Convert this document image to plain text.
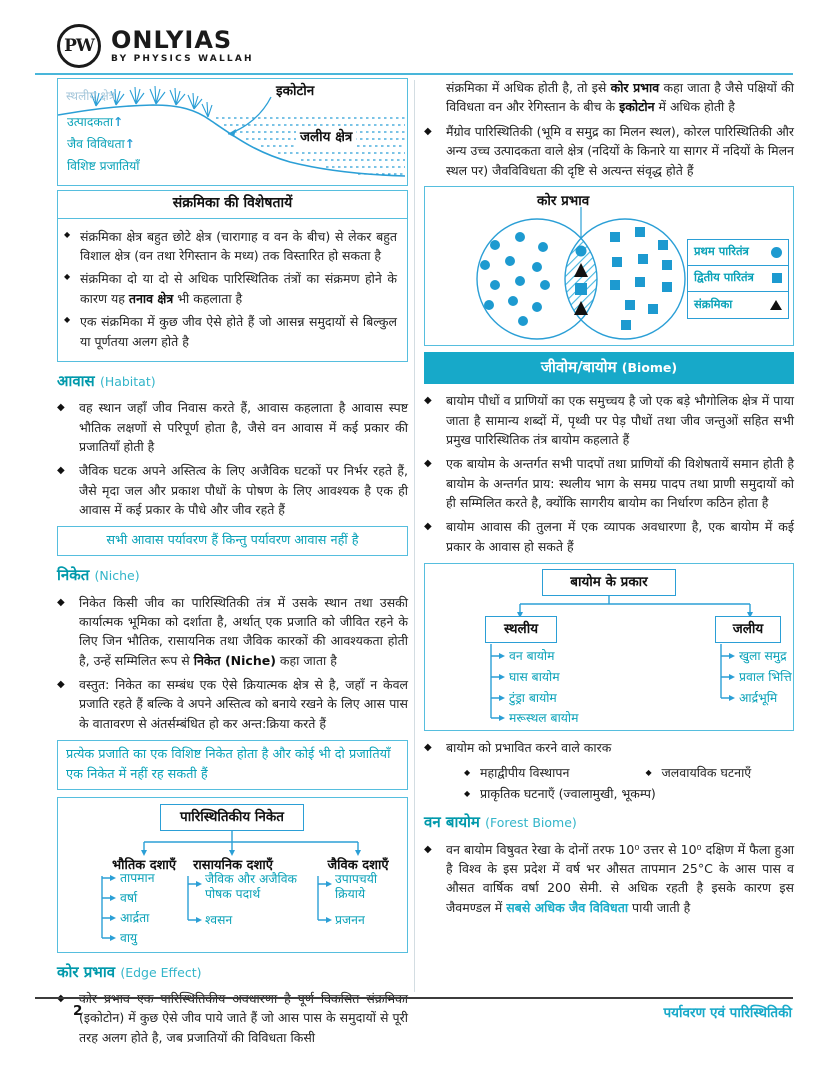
PW ONLYIAS
BY PHYSICS WALLAH
स्थलीय क्षेत्र	इकोटोन
जलीय क्षेत्र
उत्पादकता↑
जैव विविधता↑
विशिष्ट प्रजातियाँ
संक्रमिका की विशेषतायें
◆ संक्रमिका क्षेत्र बहुत छोटे क्षेत्र (चारागाह व वन के बीच) से लेकर बहुत विशाल क्षेत्र (वन तथा रेगिस्तान के मध्य) तक विस्तारित हो सकता है
◆ संक्रमिका दो या दो से अधिक पारिस्थितिक तंत्रों का संक्रमण होने के कारण यह तनाव क्षेत्र भी कहलाता है
◆ एक संक्रमिका में कुछ जीव ऐसे होते हैं जो आसन्न समुदायों से बिल्कुल या पूर्णतया अलग होते है
आवास (Habitat)
◆	वह स्थान जहाँ जीव निवास करते हैं, आवास कहलाता है आवास स्पष्ट भौतिक लक्षणों से परिपूर्ण होता है, जैसे वन आवास में कई प्रकार की प्रजातियाँ होती है
◆	जैविक घटक अपने अस्तित्व के लिए अजैविक घटकों पर निर्भर रहते हैं, जैसे मृदा जल और प्रकाश पौधों के पोषण के लिए आवश्यक है एक ही आवास में कई प्रकार के पौधे और जीव रहते हैं
सभी आवास पर्यावरण हैं किन्तु पर्यावरण आवास नहीं है
निकेत (Niche)
◆	निकेत किसी जीव का पारिस्थितिकी तंत्र में उसके स्थान तथा उसकी कार्यात्मक भूमिका को दर्शाता है, अर्थात् एक प्रजाति को जीवित रहने के लिए जिन भौतिक, रासायनिक तथा जैविक कारकों की आवश्यकता होती है, उन्हें सम्मिलित रूप से निकेत (Niche) कहा जाता है
◆	वस्तुत: निकेत का सम्बंध एक ऐसे क्रियात्मक क्षेत्र से है, जहाँ न केवल प्रजाति रहते हैं बल्कि वे अपने अस्तित्व को बनाये रखने के लिए आस पास के वातावरण से अंतर्सम्बंधित हो कर अन्त:क्रिया करते हैं
प्रत्येक प्रजाति का एक विशिष्ट निकेत होता है और कोई भी दो प्रजातियाँ एक निकेत में नहीं रह सकती हैं
पारिस्थितिकीय निकेत
भौतिक दशाएँ	रासायनिक दशाएँ	जैविक दशाएँ
तापमान
वर्षा
आर्द्रता
वायु
जैविक और अजैविक पोषक पदार्थ
श्वसन
उपापचयी क्रियाये
प्रजनन
कोर प्रभाव (Edge Effect)
(इकोटोन) में कुछ ऐसे जीव पाये जाते हैं जो आस पास के समुदायों से पूरी तरह अलग होते है, जब प्रजातियों की विविधता किसी
संक्रमिका में अधिक होती है, तो इसे कोर प्रभाव कहा जाता है जैसे पक्षियों की विविधता वन और रेगिस्तान के बीच के इकोटोन में अधिक होती है
◆	मैंग्रोव पारिस्थितिकी (भूमि व समुद्र का मिलन स्थल), कोरल पारिस्थितिकी और अन्य उच्च उत्पादकता वाले क्षेत्र (नदियों के किनारे या सागर में नदियों के मिलन स्थल पर) जैवविविधता की दृष्टि से अत्यन्त संवृद्ध होते हैं
कोर प्रभाव
प्रथम पारितंत्र
द्वितीय पारितंत्र
संक्रमिका
जीवोम/बायोम (Biome)
◆	बायोम पौधों व प्राणियों का एक समुच्चय है जो एक बड़े भौगोलिक क्षेत्र में पाया जाता है सामान्य शब्दों में, पृथ्वी पर पेड़ पौधों तथा जीव जन्तुओं सहित सभी प्रमुख पारिस्थितिक तंत्र बायोम कहलाते हैं
◆	एक बायोम के अन्तर्गत सभी पादपों तथा प्राणियों की विशेषतायें समान होती है बायोम के अन्तर्गत प्राय: स्थलीय भाग के समग्र पादप तथा प्राणी समुदायों को ही सम्मिलित करते है, क्योंकि सागरीय बायोम का निर्धारण कठिन होता है
◆	बायोम आवास की तुलना में एक व्यापक अवधारणा है, एक बायोम में कई प्रकार के आवास हो सकते हैं
बायोम के प्रकार
स्थलीय	जलीय
वन बायोम
घास बायोम
टुंड्रा बायोम
मरूस्थल बायोम
खुला समुद्र
प्रवाल भित्ति
आर्द्रभूमि
◆	बायोम को प्रभावित करने वाले कारक
◆ महाद्वीपीय विस्थापन	◆ जलवायविक घटनाएँ
◆ प्राकृतिक घटनाएँ (ज्वालामुखी, भूकम्प)
वन बायोम (Forest Biome)
◆	वन बायोम विषुवत रेखा के दोनों तरफ 10⁰ उत्तर से 10⁰ दक्षिण में फैला हुआ है विश्व के इस प्रदेश में वर्ष भर औसत तापमान 25°C के आस पास व औसत वार्षिक वर्षा 200 सेमी. से अधिक रहती है इसके कारण इस जैवमण्डल में सबसे अधिक जैव विविधता पायी जाती है
2	पर्यावरण एवं पारिस्थितिकी
